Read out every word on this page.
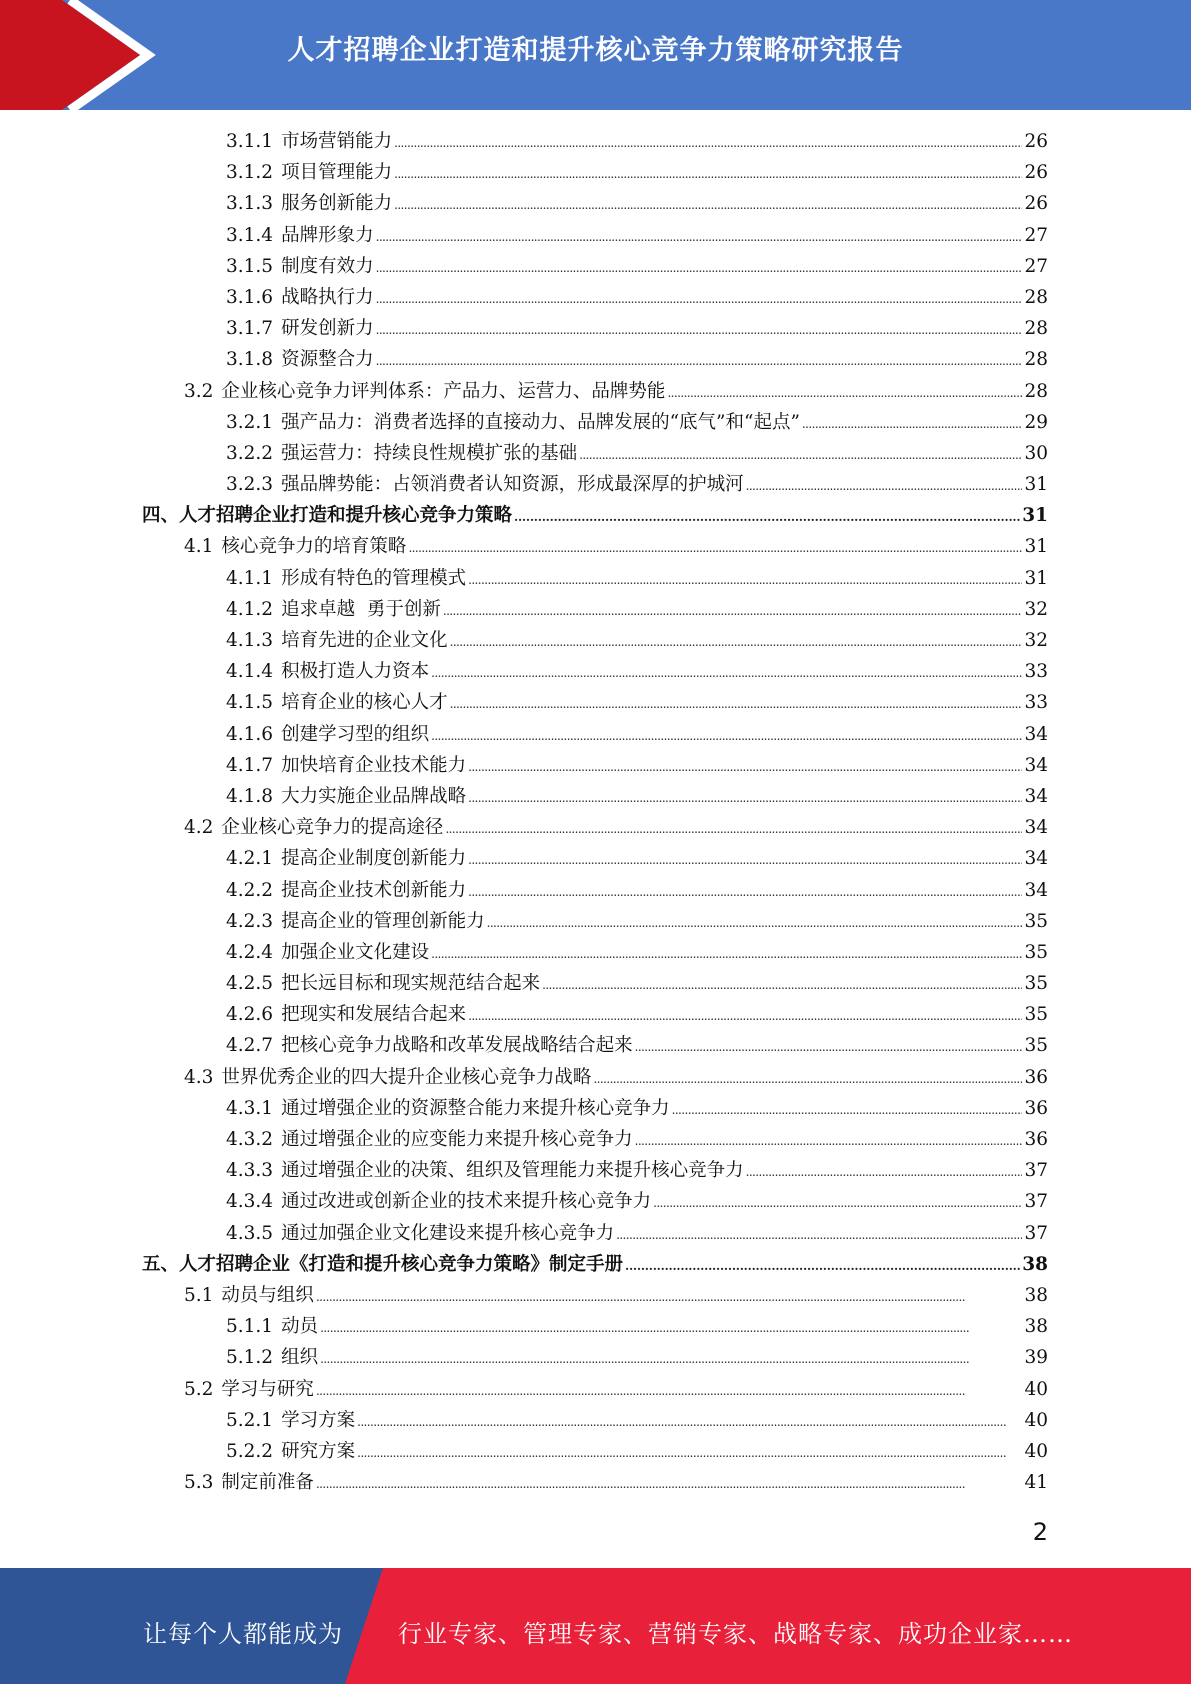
人才招聘企业打造和提升核心竞争力策略研究报告
3.1.1 市场营销能力 . . .	26
3.1.2 项目管理能力 . . .	26
3.1.3 服务创新能力 . . .	26
3.1.4 品牌形象力 . . .	27
3.1.5 制度有效力 . . .	27
3.1.6 战略执行力 . . .	28
3.1.7 研发创新力 . . .	28
3.1.8 资源整合力 . . .	28
3.2 企业核心竞争力评判体系：产品力、运营力、品牌势能 . . .	28
3.2.1 强产品力：消费者选择的直接动力、品牌发展的“底气”和“起点” . . .	29
3.2.2 强运营力：持续良性规模扩张的基础 . . .	30
3.2.3 强品牌势能：占领消费者认知资源，形成最深厚的护城河 . . .	31
四、人才招聘企业打造和提升核心竞争力策略 . . .	31
4.1 核心竞争力的培育策略 . . .	31
4.1.1 形成有特色的管理模式 . . .	31
4.1.2 追求卓越  勇于创新 . . .	32
4.1.3 培育先进的企业文化 . . .	32
4.1.4 积极打造人力资本 . . .	33
4.1.5 培育企业的核心人才 . . .	33
4.1.6 创建学习型的组织 . . .	34
4.1.7 加快培育企业技术能力 . . .	34
4.1.8 大力实施企业品牌战略 . . .	34
4.2 企业核心竞争力的提高途径 . . .	34
4.2.1 提高企业制度创新能力 . . .	34
4.2.2 提高企业技术创新能力 . . .	34
4.2.3 提高企业的管理创新能力 . . .	35
4.2.4 加强企业文化建设 . . .	35
4.2.5 把长远目标和现实规范结合起来 . . .	35
4.2.6 把现实和发展结合起来 . . .	35
4.2.7 把核心竞争力战略和改革发展战略结合起来 . . .	35
4.3 世界优秀企业的四大提升企业核心竞争力战略 . . .	36
4.3.1 通过增强企业的资源整合能力来提升核心竞争力 . . .	36
4.3.2 通过增强企业的应变能力来提升核心竞争力 . . .	36
4.3.3 通过增强企业的决策、组织及管理能力来提升核心竞争力 . . .	37
4.3.4 通过改进或创新企业的技术来提升核心竞争力 . . .	37
4.3.5 通过加强企业文化建设来提升核心竞争力 . . .	37
五、人才招聘企业《打造和提升核心竞争力策略》制定手册 . . .	38
5.1 动员与组织 . . .	38
5.1.1 动员 . . .	38
5.1.2 组织 . . .	39
5.2 学习与研究 . . .	40
5.2.1 学习方案 . . .	40
5.2.2 研究方案 . . .	40
5.3 制定前准备 . . .	41
2
让每个人都能成为 行业专家、管理专家、营销专家、战略专家、成功企业家……
